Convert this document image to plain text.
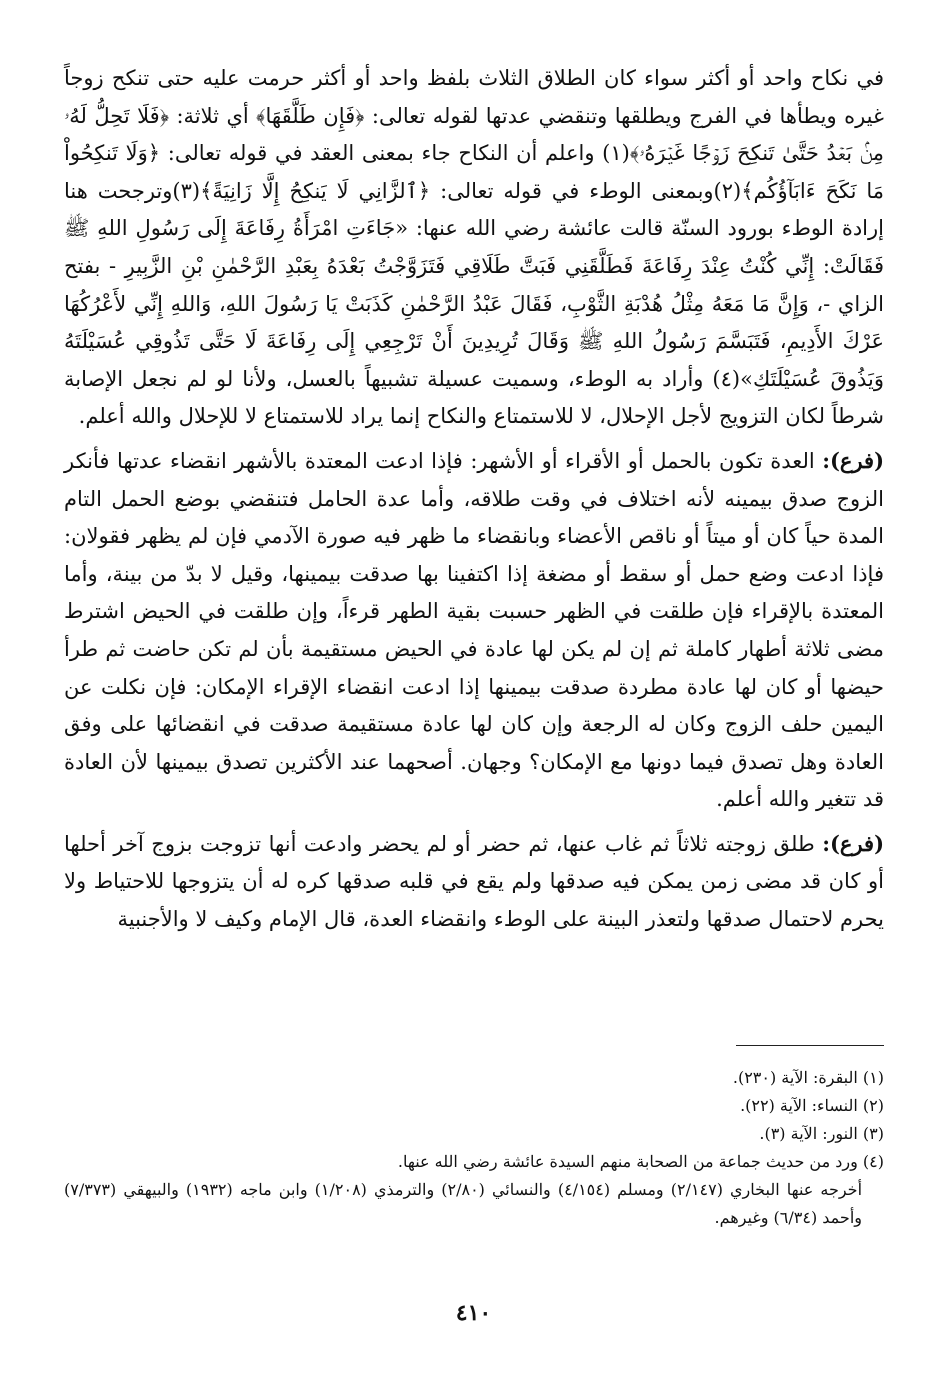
في نكاح واحد أو أكثر سواء كان الطلاق الثلاث بلفظ واحد أو أكثر حرمت عليه حتى تنكح زوجاً غيره ويطأها في الفرج ويطلقها وتنقضي عدتها لقوله تعالى: ﴿فَإِن طَلَّقَهَا﴾ أي ثلاثة: ﴿فَلَا تَحِلُّ لَهُۥ مِنۢ بَعۡدُ حَتَّىٰ تَنكِحَ زَوۡجًا غَيۡرَهُۥ﴾(١) واعلم أن النكاح جاء بمعنى العقد في قوله تعالى: ﴿وَلَا تَنكِحُواْ مَا نَكَحَ ءَابَآؤُكُم﴾(٢)وبمعنى الوطء في قوله تعالى: ﴿ٱلزَّانِي لَا يَنكِحُ إِلَّا زَانِيَةً﴾(٣)وترجحت هنا إرادة الوطء بورود السنّة قالت عائشة رضي الله عنها: «جَاءَتِ امْرَأَةُ رِفَاعَةَ إِلَى رَسُولِ اللهِ ﷺ فَقَالَتْ: إِنِّي كُنْتُ عِنْدَ رِفَاعَةَ فَطَلَّقَنِي فَبَتَّ طَلَاقِي فَتَزَوَّجْتُ بَعْدَهُ بِعَبْدِ الرَّحْمٰنِ بْنِ الزَّبِيرِ - بفتح الزاي -، وَإِنَّ مَا مَعَهُ مِثْلُ هُدْبَةِ الثَّوْبِ، فَقَالَ عَبْدُ الرَّحْمٰنِ كَذَبَتْ يَا رَسُولَ اللهِ، وَاللهِ إِنِّي لأَعْرُكُهَا عَرْكَ الأَدِيمِ، فَتَبَسَّمَ رَسُولُ اللهِ ﷺ وَقَالَ تُرِيدِينَ أَنْ تَرْجِعِي إِلَى رِفَاعَةَ لَا حَتَّى تَذُوقِي عُسَيْلَتَهُ وَيَذُوقَ عُسَيْلَتَكِ»(٤) وأراد به الوطء، وسميت عسيلة تشبيهاً بالعسل، ولأنا لو لم نجعل الإصابة شرطاً لكان التزويج لأجل الإحلال، لا للاستمتاع والنكاح إنما يراد للاستمتاع لا للإحلال والله أعلم.

(فرع): العدة تكون بالحمل أو الأقراء أو الأشهر: فإذا ادعت المعتدة بالأشهر انقضاء عدتها فأنكر الزوج صدق بيمينه لأنه اختلاف في وقت طلاقه، وأما عدة الحامل فتنقضي بوضع الحمل التام المدة حياً كان أو ميتاً أو ناقص الأعضاء وبانقضاء ما ظهر فيه صورة الآدمي فإن لم يظهر فقولان: فإذا ادعت وضع حمل أو سقط أو مضغة إذا اكتفينا بها صدقت بيمينها، وقيل لا بدّ من بينة، وأما المعتدة بالإقراء فإن طلقت في الظهر حسبت بقية الطهر قرءاً، وإن طلقت في الحيض اشترط مضى ثلاثة أطهار كاملة ثم إن لم يكن لها عادة في الحيض مستقيمة بأن لم تكن حاضت ثم طرأ حيضها أو كان لها عادة مطردة صدقت بيمينها إذا ادعت انقضاء الإقراء الإمكان: فإن نكلت عن اليمين حلف الزوج وكان له الرجعة وإن كان لها عادة مستقيمة صدقت في انقضائها على وفق العادة وهل تصدق فيما دونها مع الإمكان؟ وجهان. أصحهما عند الأكثرين تصدق بيمينها لأن العادة قد تتغير والله أعلم.

(فرع): طلق زوجته ثلاثاً ثم غاب عنها، ثم حضر أو لم يحضر وادعت أنها تزوجت بزوج آخر أحلها أو كان قد مضى زمن يمكن فيه صدقها ولم يقع في قلبه صدقها كره له أن يتزوجها للاحتياط ولا يحرم لاحتمال صدقها ولتعذر البينة على الوطء وانقضاء العدة، قال الإمام وكيف لا والأجنبية

(١) البقرة: الآية (٢٣٠).
(٢) النساء: الآية (٢٢).
(٣) النور: الآية (٣).
(٤) ورد من حديث جماعة من الصحابة منهم السيدة عائشة رضي الله عنها.

أخرجه عنها البخاري (٢/١٤٧) ومسلم (٤/١٥٤) والنسائي (٢/٨٠) والترمذي (١/٢٠٨) وابن ماجه (١٩٣٢) والبيهقي (٧/٣٧٣) وأحمد (٦/٣٤) وغيرهم.

٤١٠
